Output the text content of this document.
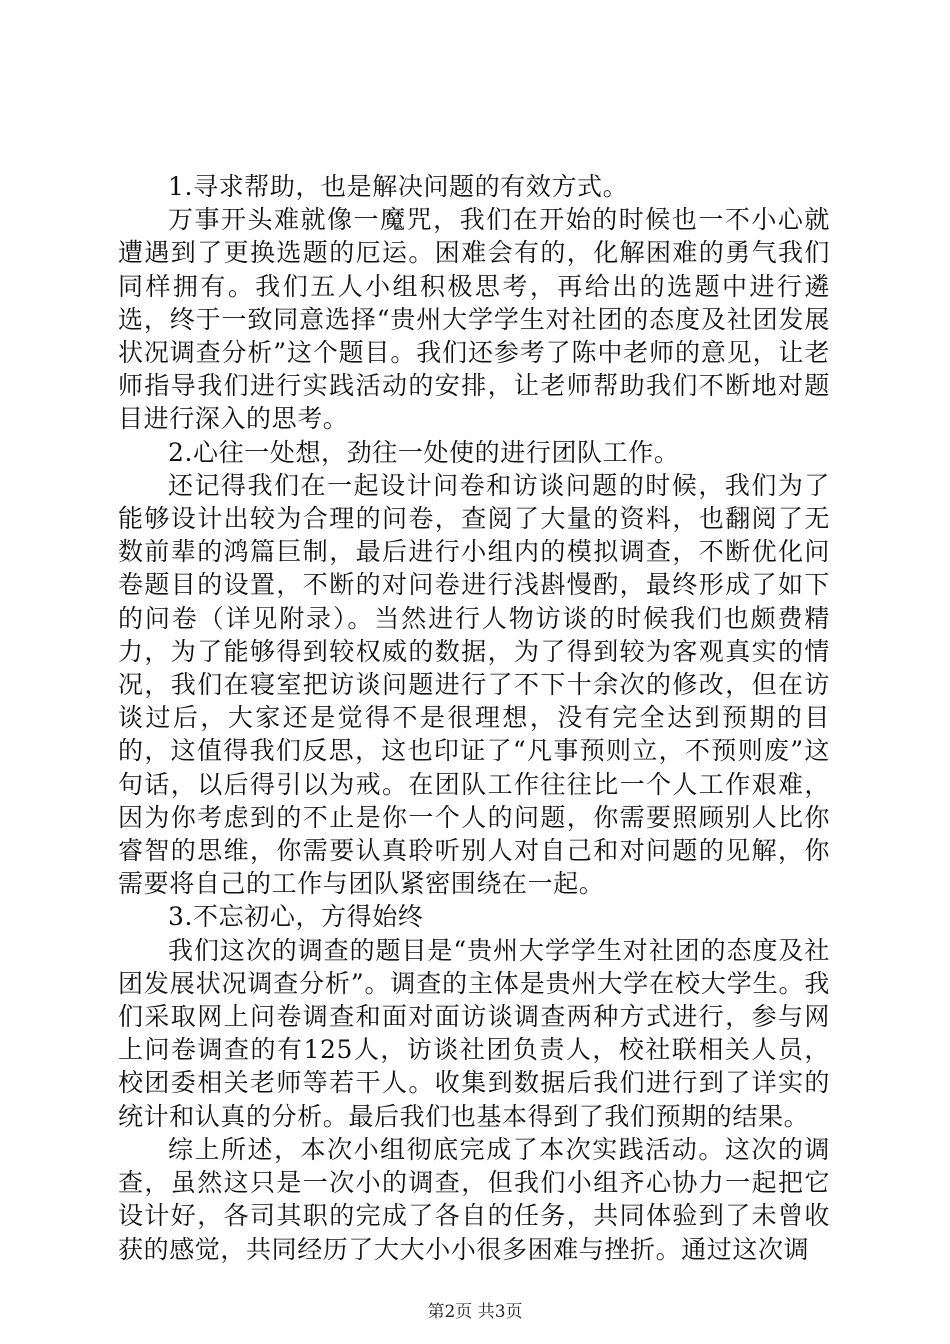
1.寻求帮助，也是解决问题的有效方式。

万事开头难就像一魔咒，我们在开始的时候也一不小心就遭遇到了更换选题的厄运。困难会有的，化解困难的勇气我们同样拥有。我们五人小组积极思考，再给出的选题中进行遴选，终于一致同意选择“贵州大学学生对社团的态度及社团发展状况调查分析”这个题目。我们还参考了陈中老师的意见，让老师指导我们进行实践活动的安排，让老师帮助我们不断地对题目进行深入的思考。

2.心往一处想，劲往一处使的进行团队工作。

还记得我们在一起设计问卷和访谈问题的时候，我们为了能够设计出较为合理的问卷，查阅了大量的资料，也翻阅了无数前辈的鸿篇巨制，最后进行小组内的模拟调查，不断优化问卷题目的设置，不断的对问卷进行浅斟慢酌，最终形成了如下的问卷（详见附录）。当然进行人物访谈的时候我们也颇费精力，为了能够得到较权威的数据，为了得到较为客观真实的情况，我们在寝室把访谈问题进行了不下十余次的修改，但在访谈过后，大家还是觉得不是很理想，没有完全达到预期的目的，这值得我们反思，这也印证了“凡事预则立，不预则废”这句话，以后得引以为戒。在团队工作往往比一个人工作艰难，因为你考虑到的不止是你一个人的问题，你需要照顾别人比你睿智的思维，你需要认真聆听别人对自己和对问题的见解，你需要将自己的工作与团队紧密围绕在一起。

3.不忘初心，方得始终

我们这次的调查的题目是“贵州大学学生对社团的态度及社团发展状况调查分析”。调查的主体是贵州大学在校大学生。我们采取网上问卷调查和面对面访谈调查两种方式进行，参与网上问卷调查的有125人，访谈社团负责人，校社联相关人员，校团委相关老师等若干人。收集到数据后我们进行到了详实的统计和认真的分析。最后我们也基本得到了我们预期的结果。

综上所述，本次小组彻底完成了本次实践活动。这次的调查，虽然这只是一次小的调查，但我们小组齐心协力一起把它设计好，各司其职的完成了各自的任务，共同体验到了未曾收获的感觉，共同经历了大大小小很多困难与挫折。通过这次调

第2页 共3页
